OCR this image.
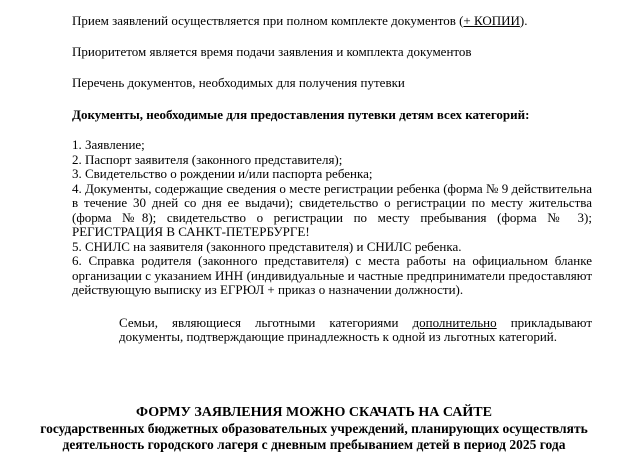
Прием заявлений осуществляется при полном комплекте документов (+ КОПИИ).

Приоритетом является время подачи заявления и комплекта документов

Перечень документов, необходимых для получения путевки

Документы, необходимые для предоставления путевки детям всех категорий:

1. Заявление;

2. Паспорт заявителя (законного представителя);

3. Свидетельство о рождении и/или паспорта ребенка;

4. Документы, содержащие сведения о месте регистрации ребенка (форма № 9 действительна в течение 30 дней со дня ее выдачи); свидетельство о регистрации по месту жительства (форма №8); свидетельство о регистрации по месту пребывания (форма № 3); РЕГИСТРАЦИЯ В САНКТ-ПЕТЕРБУРГЕ!

5. СНИЛС на заявителя (законного представителя) и СНИЛС ребенка.

6. Справка родителя (законного представителя) с места работы на официальном бланке организации с указанием ИНН (индивидуальные и частные предприниматели предоставляют действующую выписку из ЕГРЮЛ + приказ о назначении должности).

Семьи, являющиеся льготными категориями дополнительно прикладывают документы, подтверждающие принадлежность к одной из льготных категорий.

ФОРМУ ЗАЯВЛЕНИЯ МОЖНО СКАЧАТЬ НА САЙТЕ
государственных бюджетных образовательных учреждений, планирующих осуществлять
деятельность городского лагеря с дневным пребыванием детей в период 2025 года
